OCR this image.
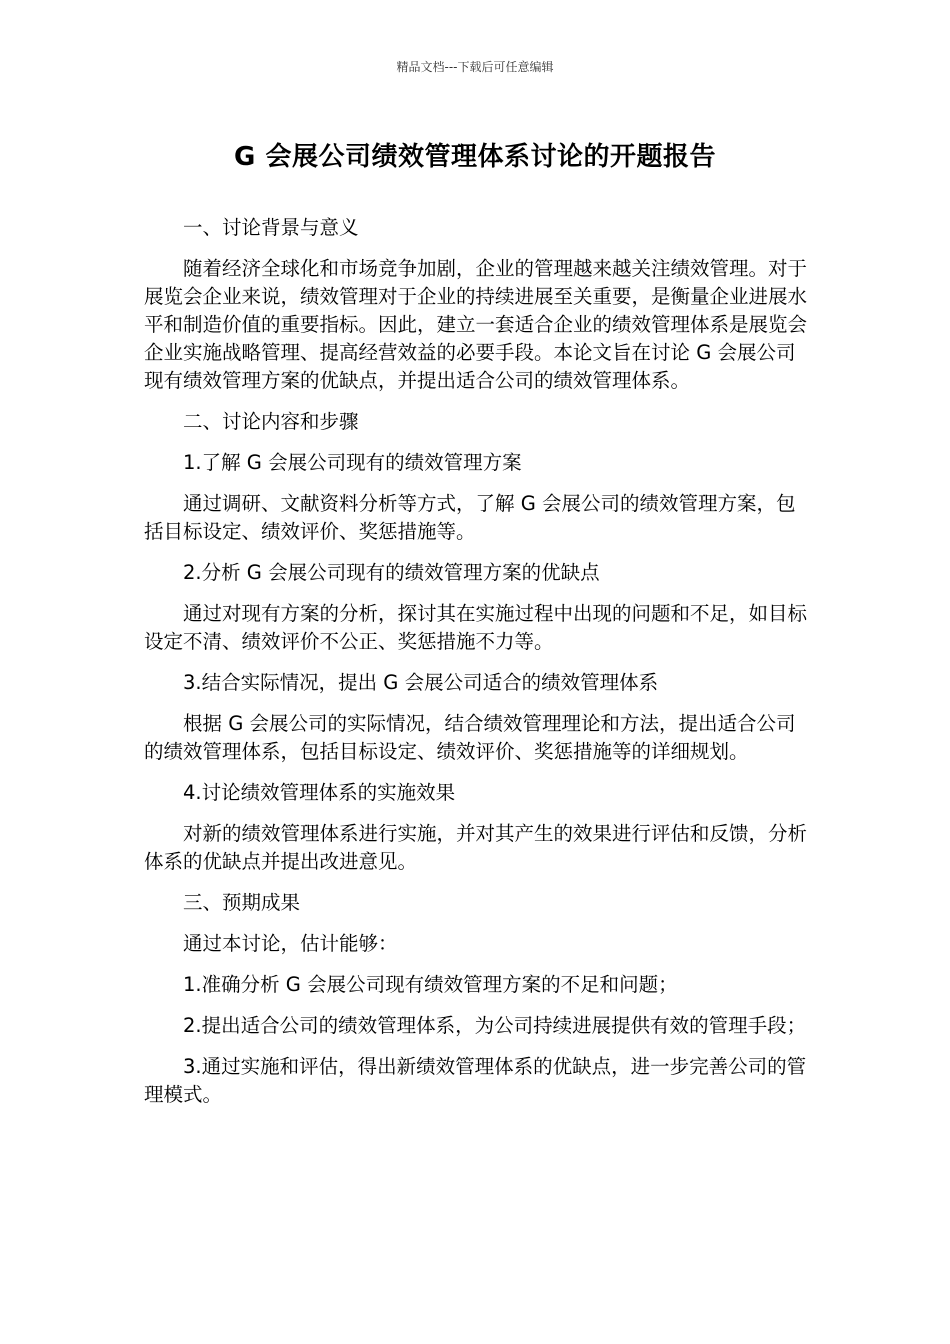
精品文档---下载后可任意编辑
G 会展公司绩效管理体系讨论的开题报告

一、讨论背景与意义

随着经济全球化和市场竞争加剧，企业的管理越来越关注绩效管理。对于展览会企业来说，绩效管理对于企业的持续进展至关重要，是衡量企业进展水平和制造价值的重要指标。因此，建立一套适合企业的绩效管理体系是展览会企业实施战略管理、提高经营效益的必要手段。本论文旨在讨论 G 会展公司现有绩效管理方案的优缺点，并提出适合公司的绩效管理体系。

二、讨论内容和步骤

1.了解 G 会展公司现有的绩效管理方案

通过调研、文献资料分析等方式，了解 G 会展公司的绩效管理方案，包括目标设定、绩效评价、奖惩措施等。

2.分析 G 会展公司现有的绩效管理方案的优缺点

通过对现有方案的分析，探讨其在实施过程中出现的问题和不足，如目标设定不清、绩效评价不公正、奖惩措施不力等。

3.结合实际情况，提出 G 会展公司适合的绩效管理体系

根据 G 会展公司的实际情况，结合绩效管理理论和方法，提出适合公司的绩效管理体系，包括目标设定、绩效评价、奖惩措施等的详细规划。

4.讨论绩效管理体系的实施效果

对新的绩效管理体系进行实施，并对其产生的效果进行评估和反馈，分析体系的优缺点并提出改进意见。

三、预期成果

通过本讨论，估计能够：

1.准确分析 G 会展公司现有绩效管理方案的不足和问题；

2.提出适合公司的绩效管理体系，为公司持续进展提供有效的管理手段；

3.通过实施和评估，得出新绩效管理体系的优缺点，进一步完善公司的管理模式。
